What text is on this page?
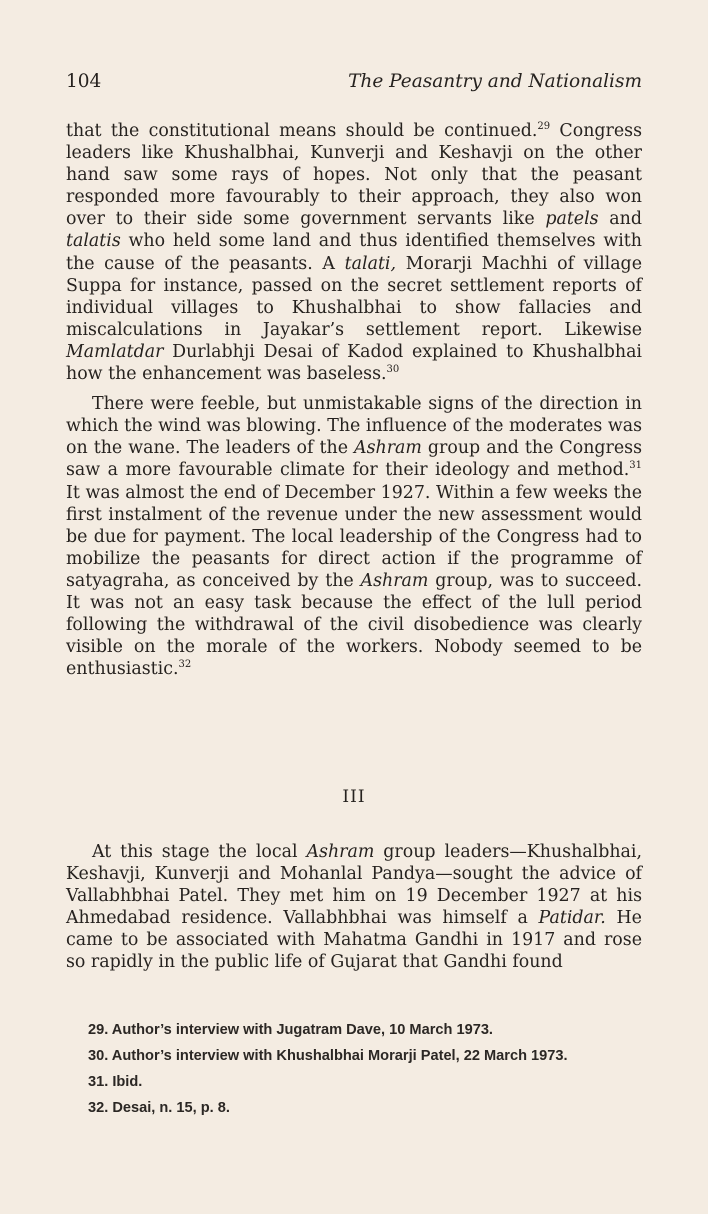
104	The Peasantry and Nationalism

that the constitutional means should be continued.$^{29}$ Congress leaders like Khushalbhai, Kunverji and Keshavji on the other hand saw some rays of hopes. Not only that the peasant responded more favourably to their approach, they also won over to their side some government servants like patels and talatis who held some land and thus identified themselves with the cause of the peasants. A talati, Morarji Machhi of village Suppa for instance, passed on the secret settlement reports of individual villages to Khushalbhai to show fallacies and miscalculations in Jayakar’s settlement report. Likewise Mamlatdar Durlabhji Desai of Kadod explained to Khushalbhai how the enhancement was baseless.$^{30}$

There were feeble, but unmistakable signs of the direction in which the wind was blowing. The influence of the moderates was on the wane. The leaders of the Ashram group and the Congress saw a more favourable climate for their ideology and method.$^{31}$ It was almost the end of December 1927. Within a few weeks the first instalment of the revenue under the new assessment would be due for payment. The local leadership of the Congress had to mobilize the peasants for direct action if the programme of satyagraha, as conceived by the Ashram group, was to succeed. It was not an easy task because the effect of the lull period following the withdrawal of the civil disobedience was clearly visible on the morale of the workers. Nobody seemed to be enthusiastic.$^{32}$

III

At this stage the local Ashram group leaders—Khushalbhai, Keshavji, Kunverji and Mohanlal Pandya—sought the advice of Vallabhbhai Patel. They met him on 19 December 1927 at his Ahmedabad residence. Vallabhbhai was himself a Patidar. He came to be associated with Mahatma Gandhi in 1917 and rose so rapidly in the public life of Gujarat that Gandhi found

29. Author’s interview with Jugatram Dave, 10 March 1973.

30. Author’s interview with Khushalbhai Morarji Patel, 22 March 1973.

31. Ibid.

32. Desai, n. 15, p. 8.
